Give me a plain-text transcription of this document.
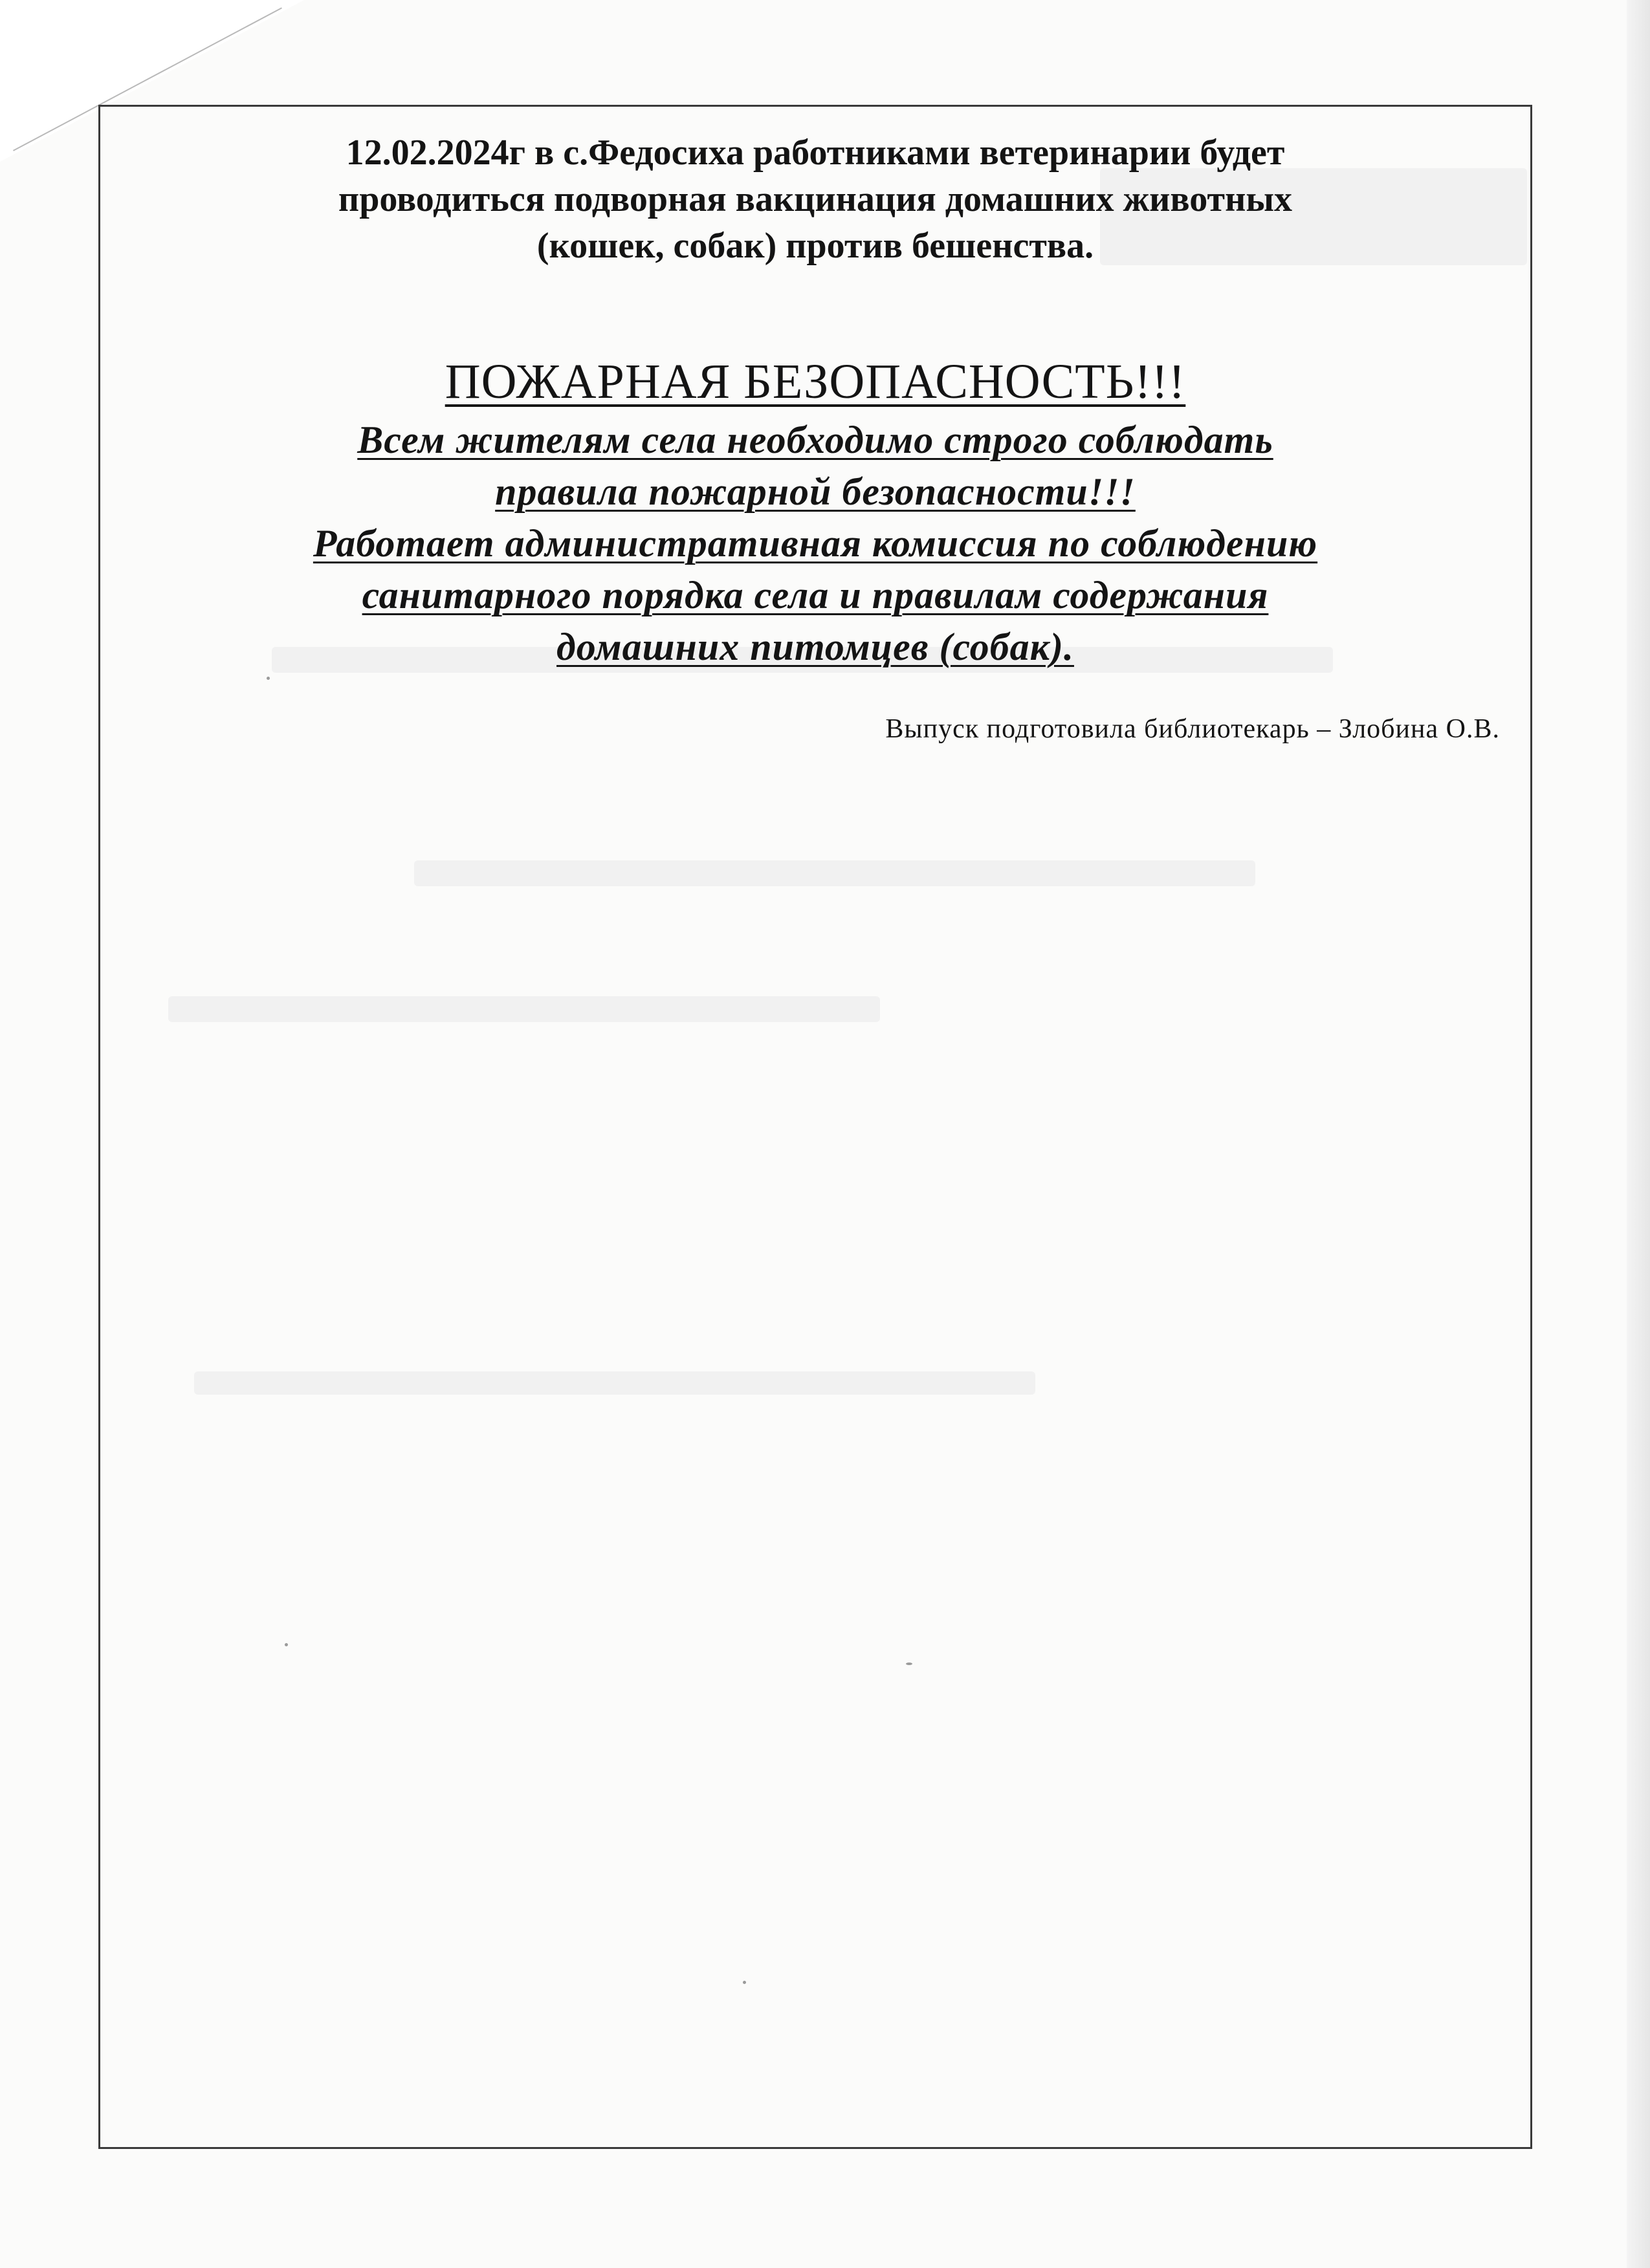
12.02.2024г в с.Федосиха работниками ветеринарии будет
проводиться подворная вакцинация домашних животных
(кошек, собак) против бешенства.
ПОЖАРНАЯ БЕЗОПАСНОСТЬ!!!
Всем жителям села необходимо строго соблюдать
правила пожарной безопасности!!!
Работает административная комиссия по соблюдению
санитарного порядка села и правилам содержания
домашних питомцев (собак).
Выпуск подготовила библиотекарь – Злобина О.В.
